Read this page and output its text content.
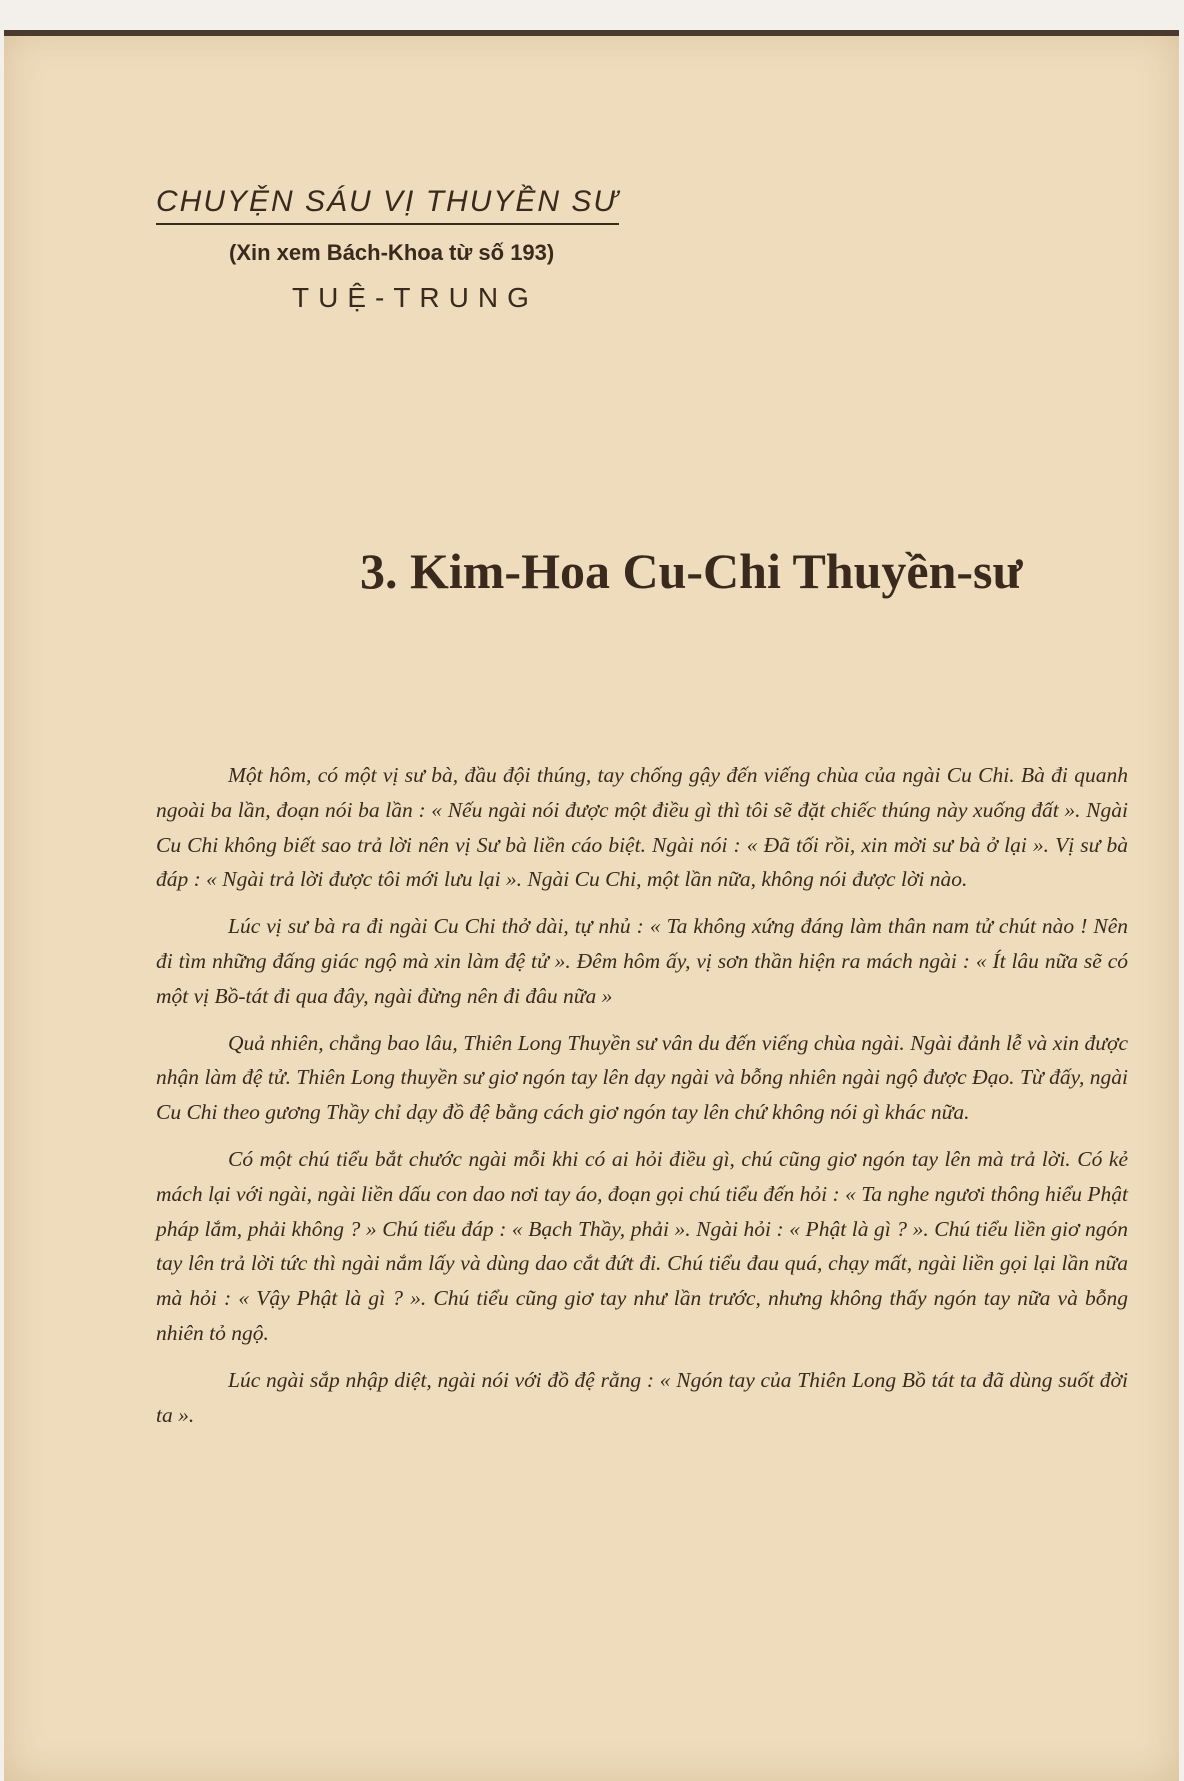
CHUYỆN SÁU VỊ THUYỀN SƯ
(Xin xem Bách-Khoa từ số 193)
TUỆ-TRUNG
3. Kim-Hoa Cu-Chi Thuyền-sư

Một hôm, có một vị sư bà, đầu đội thúng, tay chống gậy đến viếng chùa của ngài Cu Chi. Bà đi quanh ngoài ba lần, đoạn nói ba lần : « Nếu ngài nói được một điều gì thì tôi sẽ đặt chiếc thúng này xuống đất ». Ngài Cu Chi không biết sao trả lời nên vị Sư bà liền cáo biệt. Ngài nói : « Đã tối rồi, xin mời sư bà ở lại ». Vị sư bà đáp : « Ngài trả lời được tôi mới lưu lại ». Ngài Cu Chi, một lần nữa, không nói được lời nào.

Lúc vị sư bà ra đi ngài Cu Chi thở dài, tự nhủ : « Ta không xứng đáng làm thân nam tử chút nào ! Nên đi tìm những đấng giác ngộ mà xin làm đệ tử ». Đêm hôm ấy, vị sơn thần hiện ra mách ngài : « Ít lâu nữa sẽ có một vị Bồ-tát đi qua đây, ngài đừng nên đi đâu nữa »

Quả nhiên, chẳng bao lâu, Thiên Long Thuyền sư vân du đến viếng chùa ngài. Ngài đảnh lễ và xin được nhận làm đệ tử. Thiên Long thuyền sư giơ ngón tay lên dạy ngài và bỗng nhiên ngài ngộ được Đạo. Từ đấy, ngài Cu Chi theo gương Thầy chỉ dạy đồ đệ bằng cách giơ ngón tay lên chứ không nói gì khác nữa.

Có một chú tiểu bắt chước ngài mỗi khi có ai hỏi điều gì, chú cũng giơ ngón tay lên mà trả lời. Có kẻ mách lại với ngài, ngài liền dấu con dao nơi tay áo, đoạn gọi chú tiểu đến hỏi : « Ta nghe ngươi thông hiểu Phật pháp lắm, phải không ? » Chú tiểu đáp : « Bạch Thầy, phải ». Ngài hỏi : « Phật là gì ? ». Chú tiểu liền giơ ngón tay lên trả lời tức thì ngài nắm lấy và dùng dao cắt đứt đi. Chú tiểu đau quá, chạy mất, ngài liền gọi lại lần nữa mà hỏi : « Vậy Phật là gì ? ». Chú tiểu cũng giơ tay như lần trước, nhưng không thấy ngón tay nữa và bỗng nhiên tỏ ngộ.

Lúc ngài sắp nhập diệt, ngài nói với đồ đệ rằng : « Ngón tay của Thiên Long Bồ tát ta đã dùng suốt đời ta ».
